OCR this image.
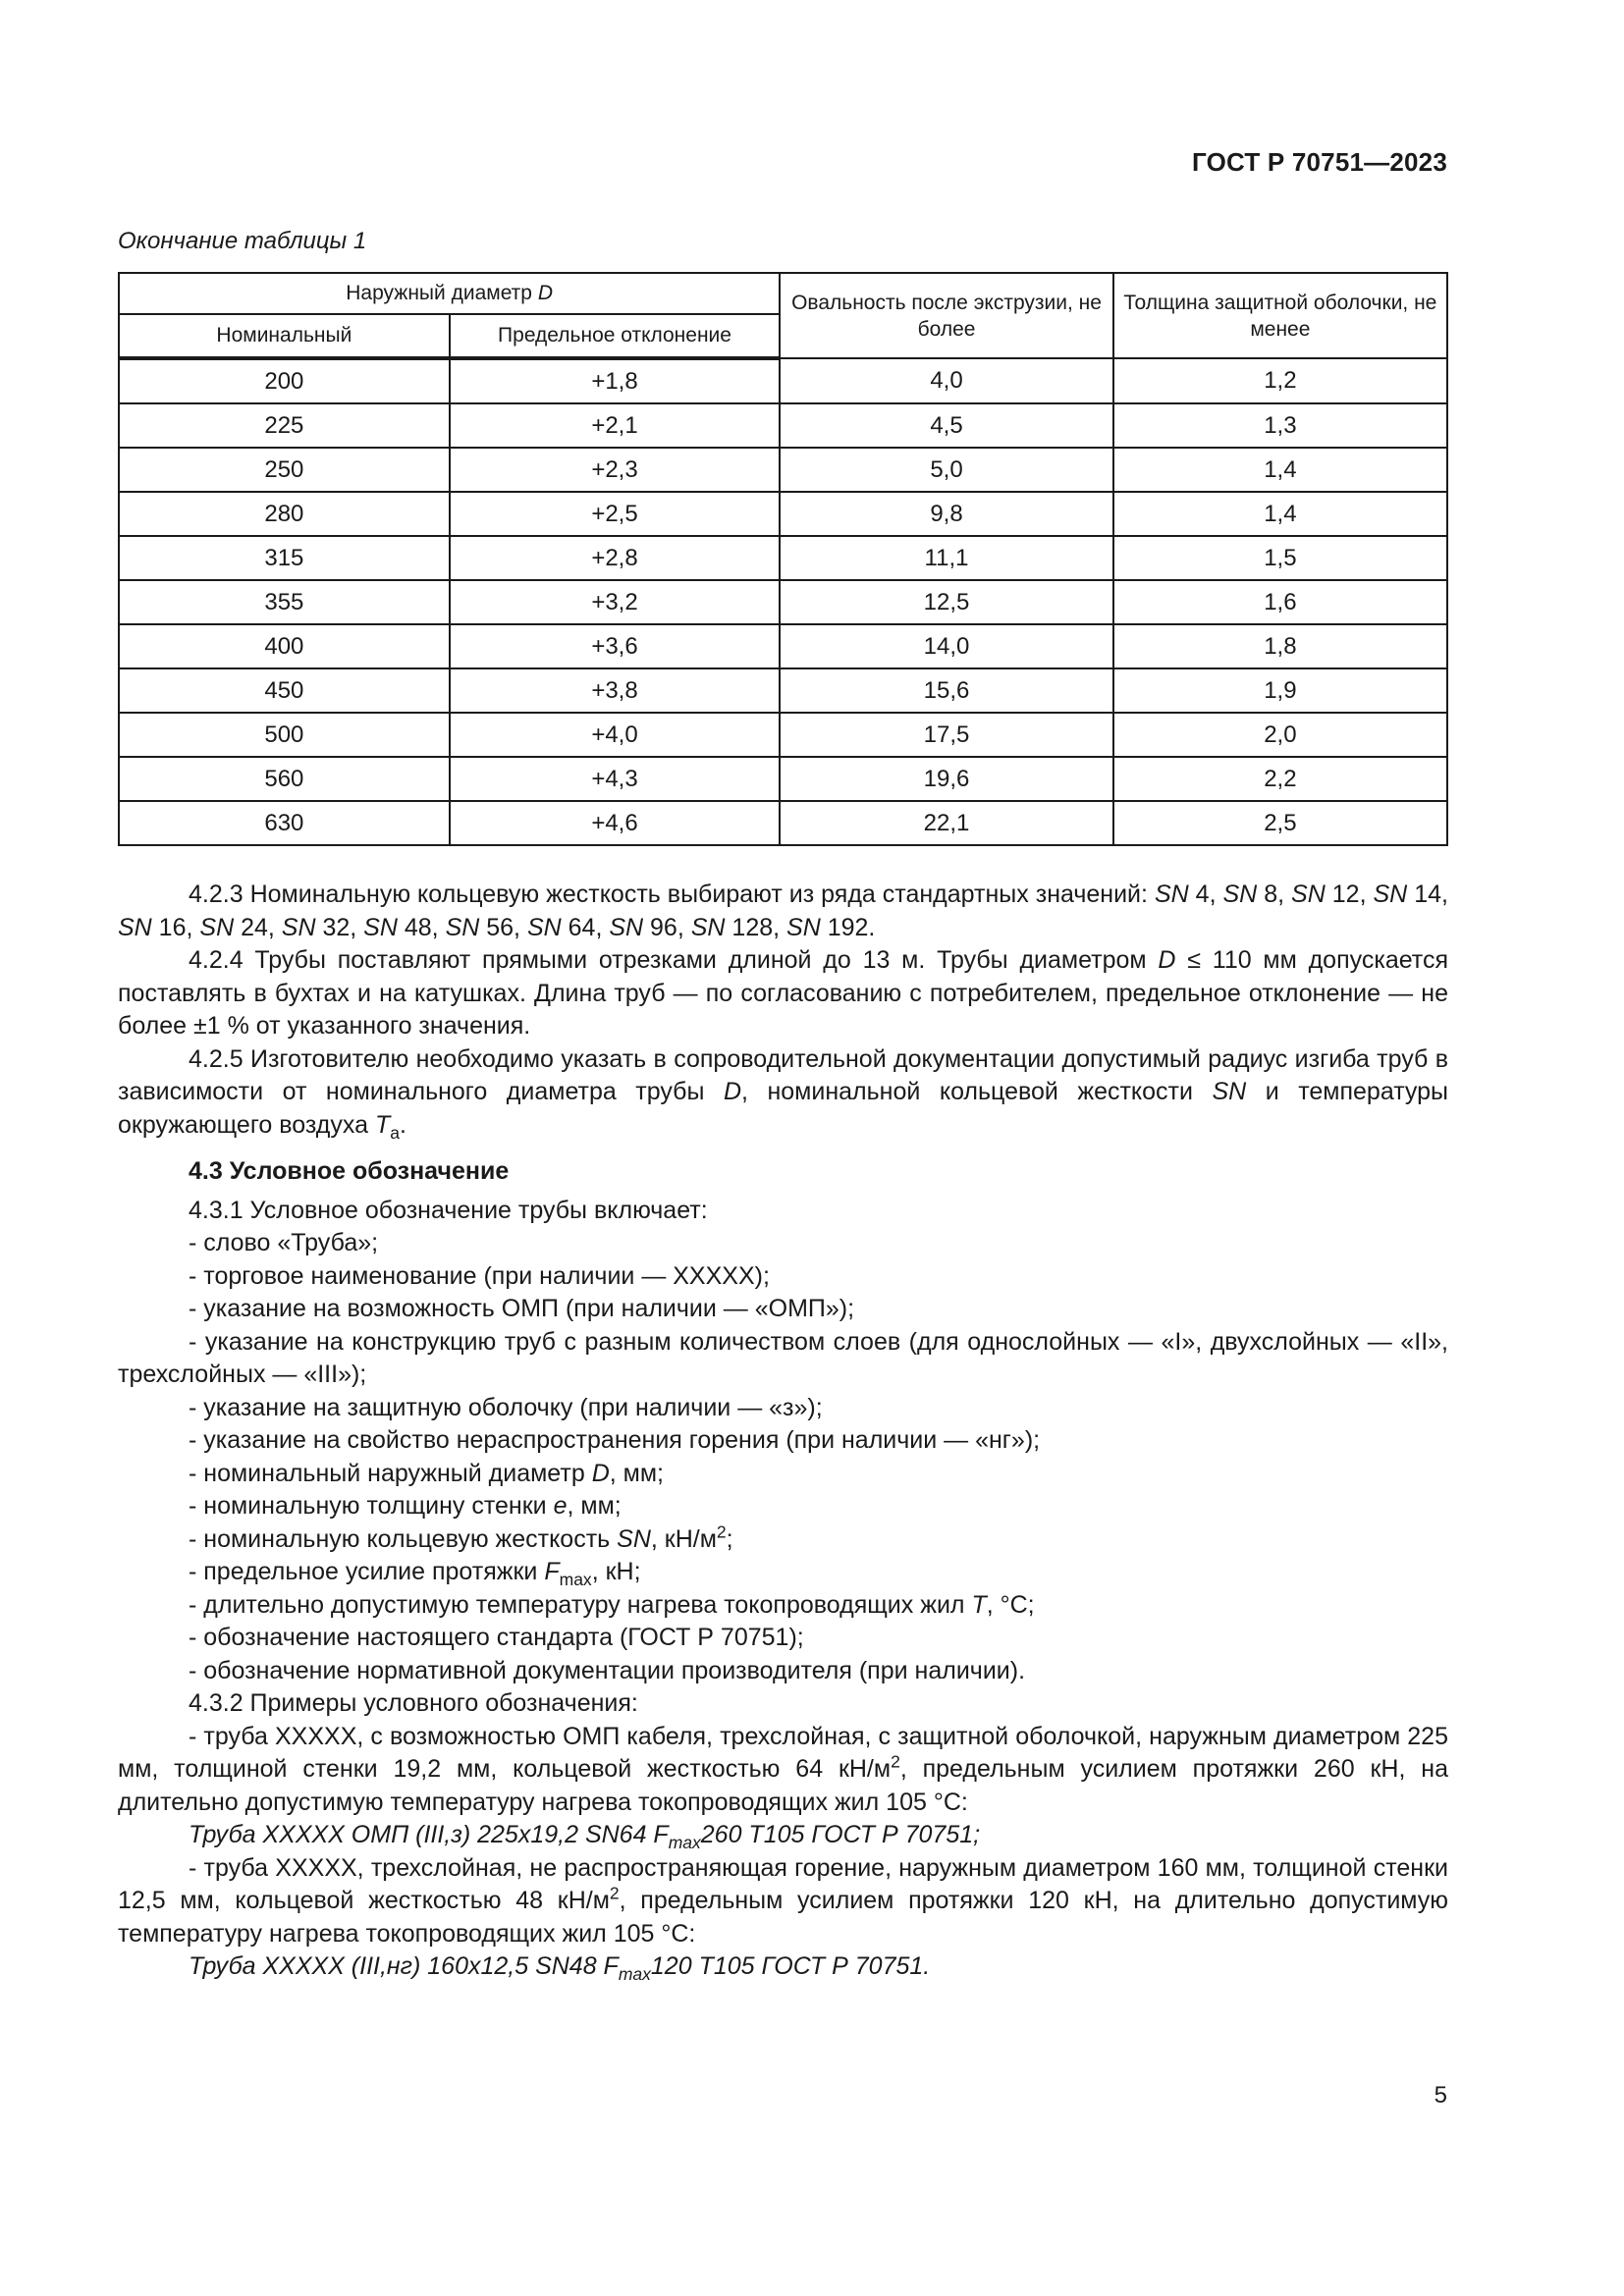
ГОСТ Р 70751—2023
Окончание таблицы 1
Наружный диаметр D		Овальность после экструзии, не более	Толщина защитной оболочки, не менее
Номинальный	Предельное отклонение		
200	+1,8	4,0	1,2
225	+2,1	4,5	1,3
250	+2,3	5,0	1,4
280	+2,5	9,8	1,4
315	+2,8	11,1	1,5
355	+3,2	12,5	1,6
400	+3,6	14,0	1,8
450	+3,8	15,6	1,9
500	+4,0	17,5	2,0
560	+4,3	19,6	2,2
630	+4,6	22,1	2,5

4.2.3 Номинальную кольцевую жесткость выбирают из ряда стандартных значений: SN 4, SN 8, SN 12, SN 14, SN 16, SN 24, SN 32, SN 48, SN 56, SN 64, SN 96, SN 128, SN 192.

4.2.4 Трубы поставляют прямыми отрезками длиной до 13 м. Трубы диаметром D ≤ 110 мм допускается поставлять в бухтах и на катушках. Длина труб — по согласованию с потребителем, предельное отклонение — не более ±1 % от указанного значения.

4.2.5 Изготовителю необходимо указать в сопроводительной документации допустимый радиус изгиба труб в зависимости от номинального диаметра трубы D, номинальной кольцевой жесткости SN и температуры окружающего воздуха $T_а$.

4.3 Условное обозначение

4.3.1 Условное обозначение трубы включает:

- слово «Труба»;

- торговое наименование (при наличии — ХХХХХ);

- указание на возможность ОМП (при наличии — «ОМП»);

- указание на конструкцию труб с разным количеством слоев (для однослойных — «I», двухслойных — «II», трехслойных — «III»);

- указание на защитную оболочку (при наличии — «з»);

- указание на свойство нераспространения горения (при наличии — «нг»);

- номинальный наружный диаметр D, мм;

- номинальную толщину стенки e, мм;

- номинальную кольцевую жесткость SN, $кН/м^2$;

- предельное усилие протяжки $F_{max}$, кН;

- длительно допустимую температуру нагрева токопроводящих жил T, °С;

- обозначение настоящего стандарта (ГОСТ Р 70751);

- обозначение нормативной документации производителя (при наличии).

4.3.2 Примеры условного обозначения:

- труба ХХХХХ, с возможностью ОМП кабеля, трехслойная, с защитной оболочкой, наружным диаметром 225 мм, толщиной стенки 19,2 мм, кольцевой жесткостью 64 $кН/м^2$, предельным усилием протяжки 260 кН, на длительно допустимую температуру нагрева токопроводящих жил 105 °С:

Труба ХХХХХ ОМП (III,з) 225х19,2 SN64 $F_{max}260$ T105 ГОСТ Р 70751;

- труба ХХХХХ, трехслойная, не распространяющая горение, наружным диаметром 160 мм, толщиной стенки 12,5 мм, кольцевой жесткостью 48 $кН/м^2$, предельным усилием протяжки 120 кН, на длительно допустимую температуру нагрева токопроводящих жил 105 °С:

Труба ХХХХХ (III,нг) 160х12,5 SN48 $F_{max}120$ T105 ГОСТ Р 70751.

5
